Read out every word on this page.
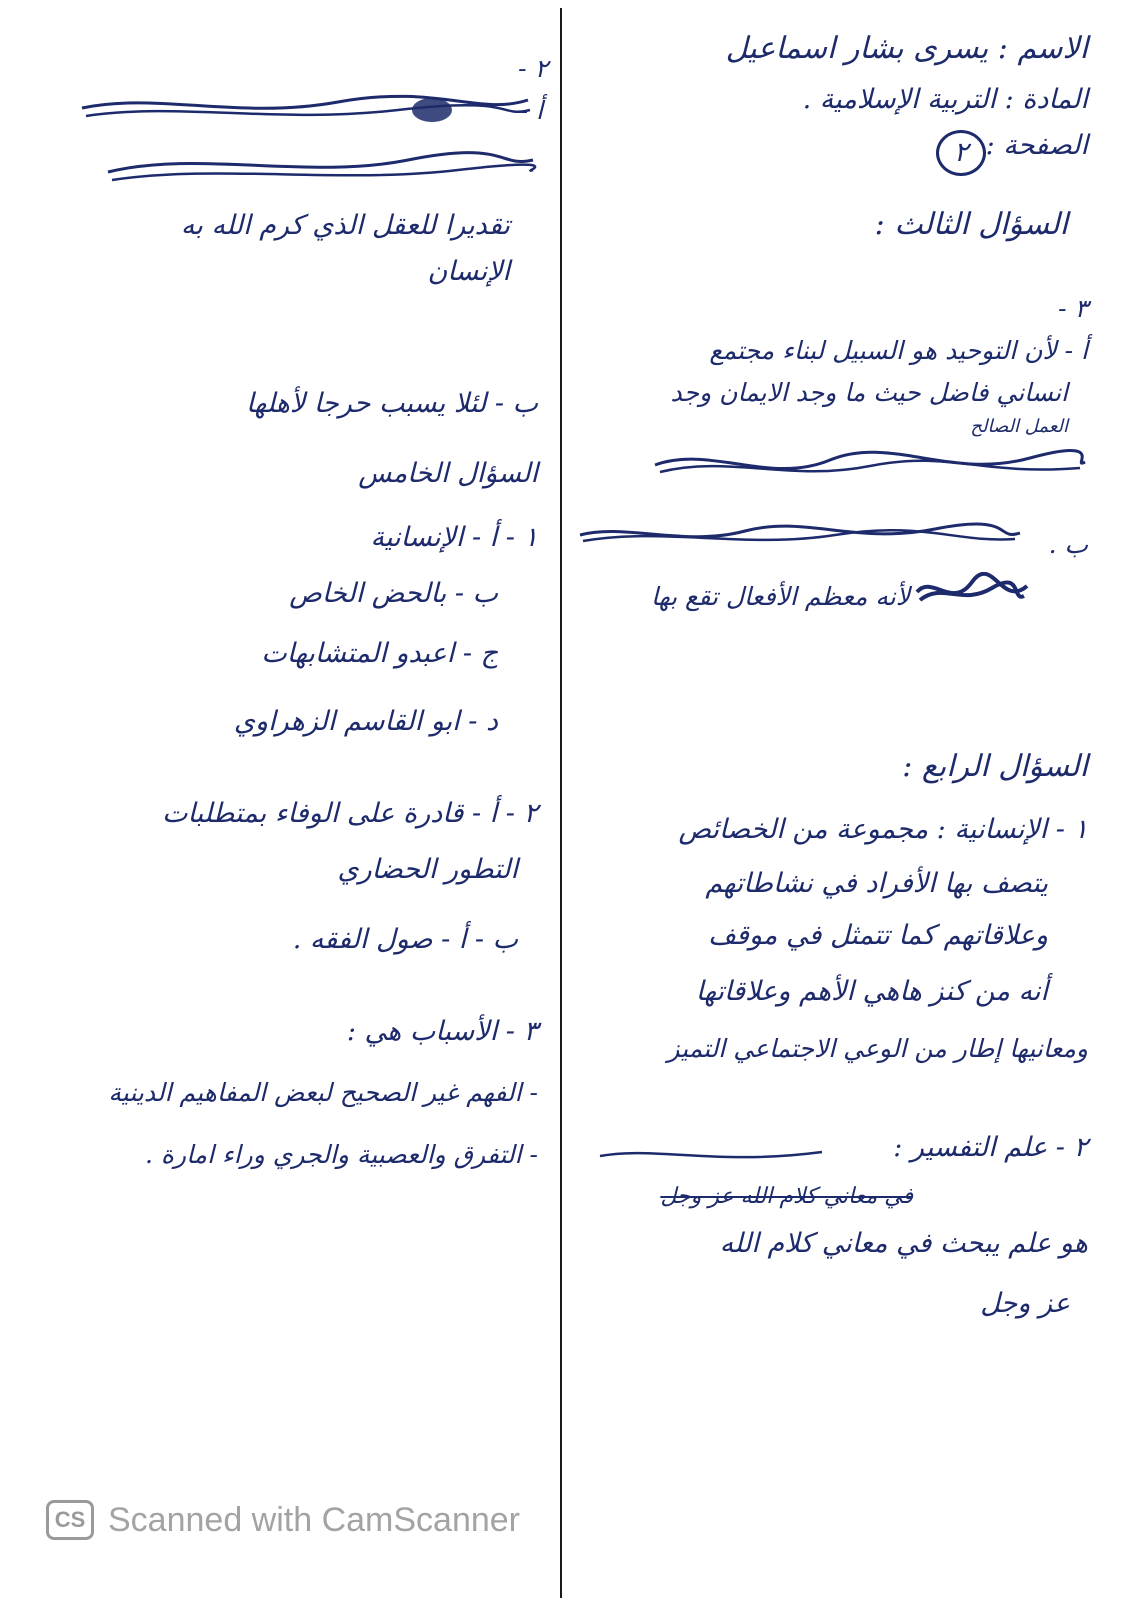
الاسم : يسرى بشار اسماعيل
المادة : التربية الإسلامية .
الصفحة :
٢
السؤال الثالث :
٣ -
أ - لأن التوحيد هو السبيل لبناء مجتمع
انساني فاضل حيث ما وجد الايمان وجد
العمل الصالح
ب .
لأنه معظم الأفعال تقع بها
السؤال الرابع :
١ - الإنسانية : مجموعة من الخصائص
يتصف بها الأفراد في نشاطاتهم
وعلاقاتهم كما تتمثل في موقف
أنه من كنز هاهي الأهم وعلاقاتها
ومعانيها إطار من الوعي الاجتماعي التميز
٢ - علم التفسير :
في معاني كلام الله عز وجل
هو علم يبحث في معاني كلام الله
عز وجل
٢ -
أ -
تقديرا للعقل الذي كرم الله به
الإنسان
ب - لئلا يسبب حرجا لأهلها
السؤال الخامس
١ - أ - الإنسانية
ب - بالحض الخاص
ج - اعبدو المتشابهات
د - ابو القاسم الزهراوي
٢ - أ - قادرة على الوفاء بمتطلبات
التطور الحضاري
ب - أ - صول الفقه .
٣ - الأسباب هي :
- الفهم غير الصحيح لبعض المفاهيم الدينية
- التفرق والعصبية والجري وراء امارة .
CS Scanned with CamScanner
